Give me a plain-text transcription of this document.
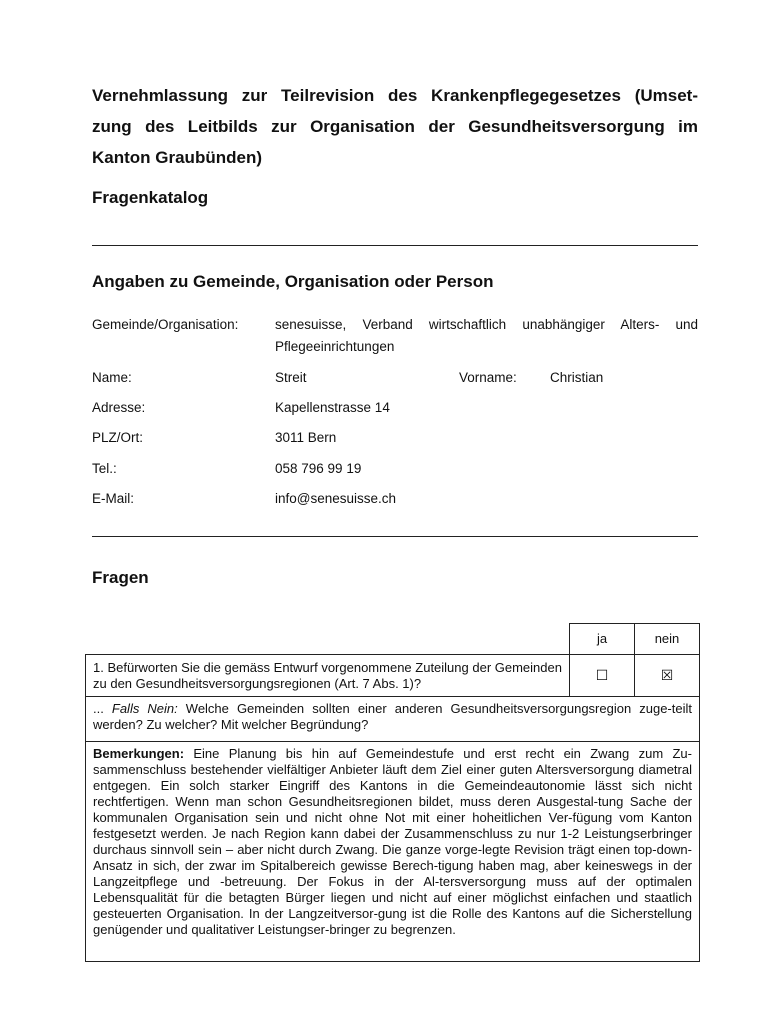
Vernehmlassung zur Teilrevision des Krankenpflegegesetzes (Umset-
zung des Leitbilds zur Organisation der Gesundheitsversorgung im
Kanton Graubünden)
Fragenkatalog
Angaben zu Gemeinde, Organisation oder Person
Gemeinde/Organisation:	senesuisse, Verband wirtschaftlich unabhängiger Alters- und Pflegeeinrichtungen
Name:	Streit	Vorname: Christian
Adresse:	Kapellenstrasse 14
PLZ/Ort:	3011 Bern
Tel.:	058 796 99 19
E-Mail:	info@senesuisse.ch
Fragen
ja	nein
1. Befürworten Sie die gemäss Entwurf vorgenommene Zuteilung der Gemeinden zu den Gesundheitsversorgungsregionen (Art. 7 Abs. 1)?
☐	☒
... Falls Nein: Welche Gemeinden sollten einer anderen Gesundheitsversorgungsregion zuge-teilt werden? Zu welcher? Mit welcher Begründung?
Bemerkungen: Eine Planung bis hin auf Gemeindestufe und erst recht ein Zwang zum Zu-sammenschluss bestehender vielfältiger Anbieter läuft dem Ziel einer guten Altersversorgung diametral entgegen. Ein solch starker Eingriff des Kantons in die Gemeindeautonomie lässt sich nicht rechtfertigen. Wenn man schon Gesundheitsregionen bildet, muss deren Ausgestal-tung Sache der kommunalen Organisation sein und nicht ohne Not mit einer hoheitlichen Ver-fügung vom Kanton festgesetzt werden. Je nach Region kann dabei der Zusammenschluss zu nur 1-2 Leistungserbringer durchaus sinnvoll sein – aber nicht durch Zwang. Die ganze vorge-legte Revision trägt einen top-down-Ansatz in sich, der zwar im Spitalbereich gewisse Berech-tigung haben mag, aber keineswegs in der Langzeitpflege und -betreuung. Der Fokus in der Al-tersversorgung muss auf der optimalen Lebensqualität für die betagten Bürger liegen und nicht auf einer möglichst einfachen und staatlich gesteuerten Organisation. In der Langzeitversor-gung ist die Rolle des Kantons auf die Sicherstellung genügender und qualitativer Leistungser-bringer zu begrenzen.
